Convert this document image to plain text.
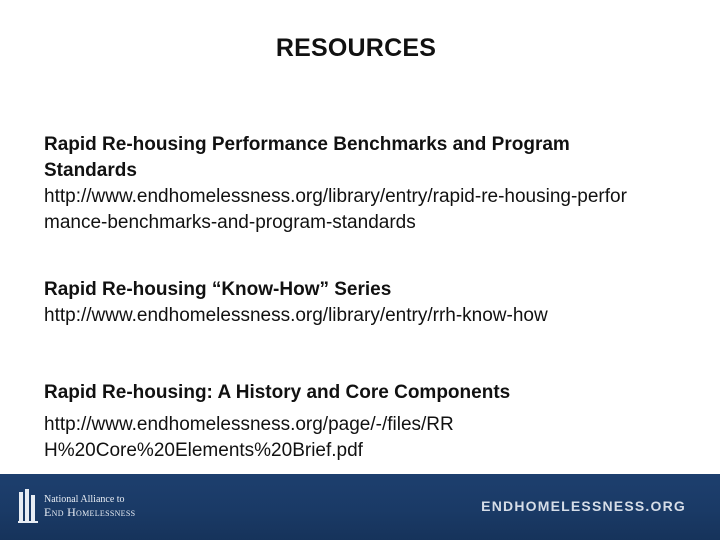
RESOURCES
Rapid Re-housing Performance Benchmarks and Program Standards
http://www.endhomelessness.org/library/entry/rapid-re-housing-performance-benchmarks-and-program-standards
Rapid Re-housing “Know-How” Series
http://www.endhomelessness.org/library/entry/rrh-know-how
Rapid Re-housing: A History and Core Components
http://www.endhomelessness.org/page/-/files/RRH%20Core%20Elements%20Brief.pdf
National Alliance to
End Homelessness	ENDHOMELESSNESS.ORG
